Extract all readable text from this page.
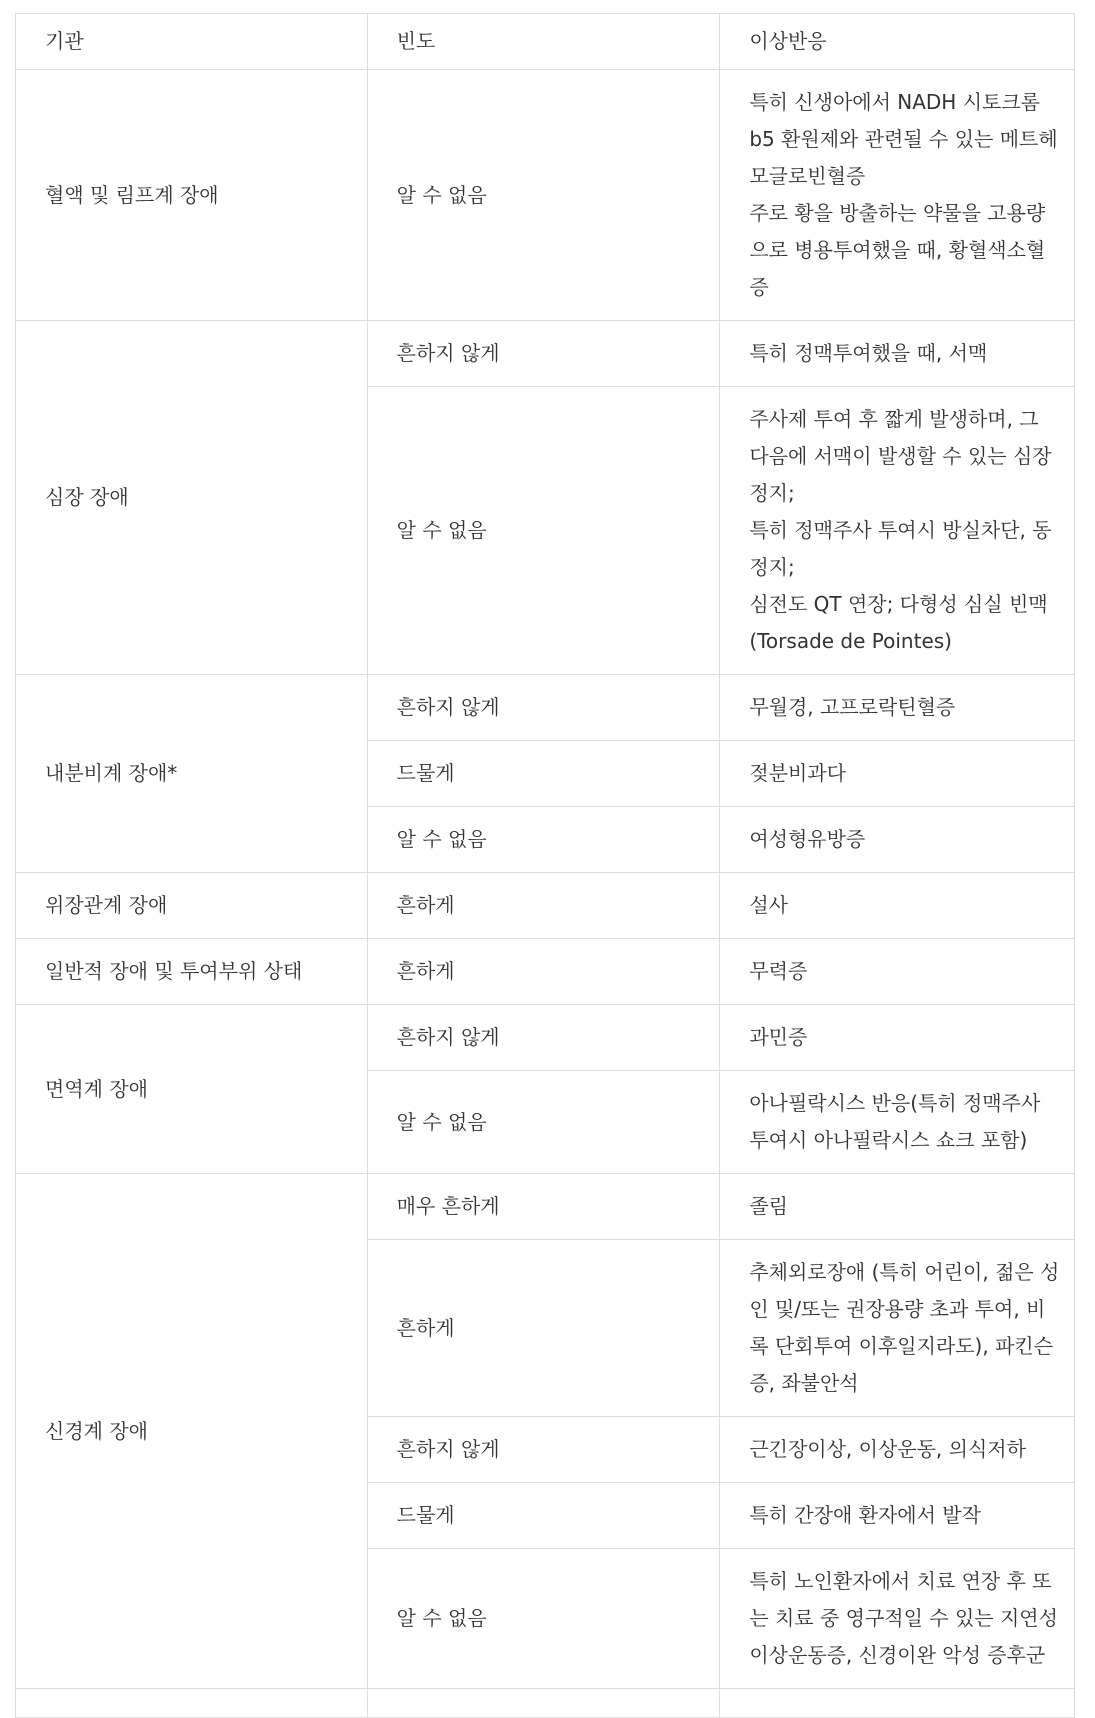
기관	빈도	이상반응
혈액 및 림프계 장애	알 수 없음	특히 신생아에서 NADH 시토크롬 b5 환원제와 관련될 수 있는 메트헤모글로빈혈증
주로 황을 방출하는 약물을 고용량으로 병용투여했을 때, 황혈색소혈증

심장 장애	흔하지 않게	특히 정맥투여했을 때, 서맥

	알 수 없음	주사제 투여 후 짧게 발생하며, 그 다음에 서맥이 발생할 수 있는 심장정지;
특히 정맥주사 투여시 방실차단, 동정지;
심전도 QT 연장; 다형성 심실 빈맥(Torsade de Pointes)

내분비계 장애*	흔하지 않게	무월경, 고프로락틴혈증

	드물게	젖분비과다

	알 수 없음	여성형유방증

위장관계 장애	흔하게	설사

일반적 장애 및 투여부위 상태	흔하게	무력증

면역계 장애	흔하지 않게	과민증

	알 수 없음	아나필락시스 반응(특히 정맥주사 투여시 아나필락시스 쇼크 포함)

신경계 장애	매우 흔하게	졸림

	흔하게	추체외로장애 (특히 어린이, 젊은 성인 및/또는 권장용량 초과 투여, 비록 단회투여 이후일지라도), 파킨슨증, 좌불안석

	흔하지 않게	근긴장이상, 이상운동, 의식저하

	드물게	특히 간장애 환자에서 발작

	알 수 없음	특히 노인환자에서 치료 연장 후 또는 치료 중 영구적일 수 있는 지연성이상운동증, 신경이완 악성 증후군
